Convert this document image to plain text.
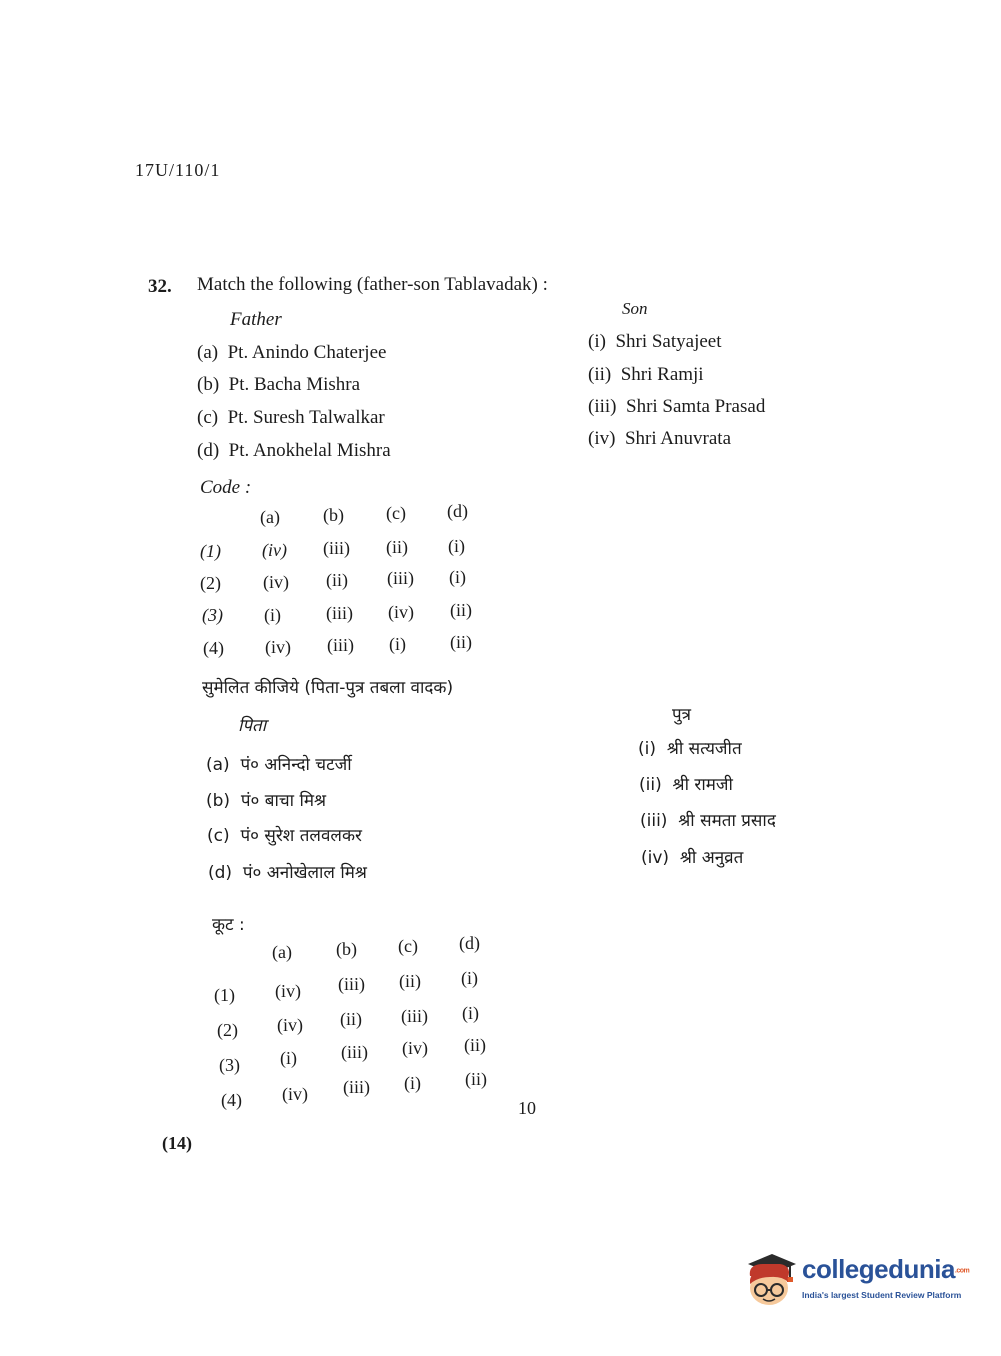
17U/110/1
32. Match the following (father-son Tablavadak) :
Father
Son
(a) Pt. Anindo Chaterjee
(b) Pt. Bacha Mishra
(c) Pt. Suresh Talwalkar
(d) Pt. Anokhelal Mishra
(i) Shri Satyajeet
(ii) Shri Ramji
(iii) Shri Samta Prasad
(iv) Shri Anuvrata
Code :
(a) (b) (c) (d)
(1) (iv) (iii) (ii) (i)
(2) (iv) (ii) (iii) (i)
(3) (i)	(iii) (iv) (ii)
(4) (iv) (iii) (i) (ii)
सुमेलित कीजिये (पिता-पुत्र तबला वादक)
पिता
पुत्र
(a) पं० अनिन्दो चटर्जी
(b) पं० बाचा मिश्र
(c) पं० सुरेश तलवलकर
(d) पं० अनोखेलाल मिश्र
(i) श्री सत्यजीत
(ii) श्री रामजी
(iii) श्री समता प्रसाद
(iv) श्री अनुव्रत
कूट :
(a) (b) (c) (d)
(1) (iv) (iii) (ii) (i)
(2) (iv) (ii) (iii) (i)
(3) (i) (iii) (iv) (ii)
(4) (iv) (iii) (i) (ii)
10
(14)
collegedunia.com
India's largest Student Review Platform
